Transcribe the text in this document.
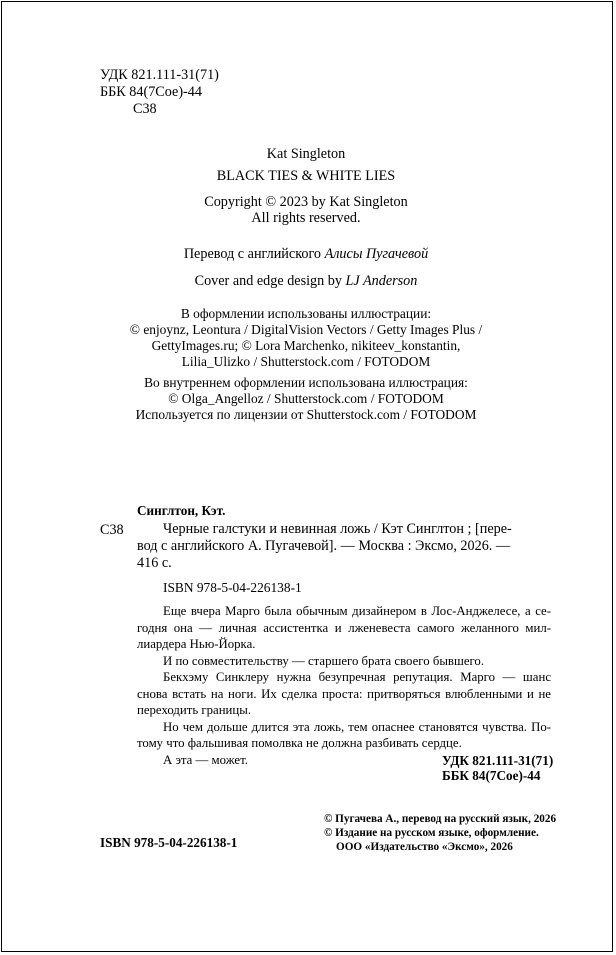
УДК 821.111-31(71)
ББК 84(7Сое)-44
С38
Kat Singleton
BLACK TIES & WHITE LIES
Copyright © 2023 by Kat Singleton
All rights reserved.
Перевод с английского Алисы Пугачевой
Cover and edge design by LJ Anderson
В оформлении использованы иллюстрации:
© enjoynz, Leontura / DigitalVision Vectors / Getty Images Plus /
GettyImages.ru; © Lora Marchenko, nikiteev_konstantin,
Lilia_Ulizko / Shutterstock.com / FOTODOM
Во внутреннем оформлении использована иллюстрация:
© Olga_Angelloz / Shutterstock.com / FOTODOM
Используется по лицензии от Shutterstock.com / FOTODOM
Синглтон, Кэт.
С38	Черные галстуки и невинная ложь / Кэт Синглтон ; [пере-
вод с английского А. Пугачевой]. — Москва : Эксмо, 2026. —
416 с.
ISBN 978-5-04-226138-1

Еще вчера Марго была обычным дизайнером в Лос-Анджелесе, а сегодня она — личная ассистентка и лженевеста самого желанного миллиардера Нью-Йорка.

И по совместительству — старшего брата своего бывшего.

Бекхэму Синклеру нужна безупречная репутация. Марго — шанс снова встать на ноги. Их сделка проста: притворяться влюбленными и не переходить границы.

Но чем дольше длится эта ложь, тем опаснее становятся чувства. Потому что фальшивая помолвка не должна разбивать сердце.

А эта — может.	УДК 821.111-31(71)
ББК 84(7Сое)-44
© Пугачева А., перевод на русский язык, 2026
© Издание на русском языке, оформление.
ООО «Издательство «Эксмо», 2026
ISBN 978-5-04-226138-1
